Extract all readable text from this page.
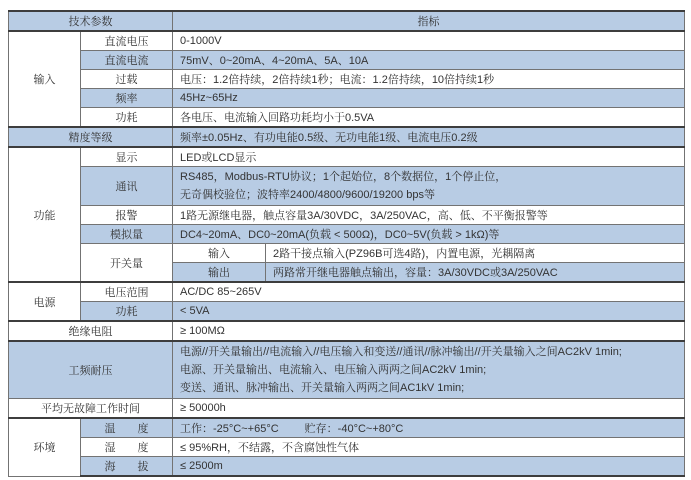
技术参数		指标	
输入	直流电压	0-1000V	
	直流电流	75mV、0~20mA、4~20mA、5A、10A	
	过载	电压：1.2倍持续，2倍持续1秒；电流：1.2倍持续，10倍持续1秒	
	频率	45Hz~65Hz	
	功耗	各电压、电流输入回路功耗均小于0.5VA	
精度等级		频率±0.05Hz、有功电能0.5级、无功电能1级、电流电压0.2级	
功能	显示	LED或LCD显示	
	通讯	RS485，Modbus-RTU协议；1个起始位，8个数据位，1个停止位，
无奇偶校验位；波特率2400/4800/9600/19200 bps等	

	报警	1路无源继电器，触点容量3A/30VDC，3A/250VAC，高、低、不平衡报警等	
	模拟量	DC4~20mA、DC0~20mA(负载 < 500Ω)，DC0~5V(负载 > 1kΩ)等	
	开关量	输入	2路干接点输入(PZ96B可选4路)，内置电源，光耦隔离
		输出	两路常开继电器触点输出，容量：3A/30VDC或3A/250VAC
电源	电压范围	AC/DC 85~265V	
	功耗	< 5VA	
绝缘电阻		≥ 100MΩ	
工频耐压		电源//开关量输出//电流输入//电压输入和变送//通讯//脉冲输出//开关量输入之间AC2kV 1min;
电源、开关量输出、电流输入、电压输入两两之间AC2kV 1min;
变送、通讯、脉冲输出、开关量输入两两之间AC1kV 1min;	

平均无故障工作时间		≥ 50000h	
环境	温　　度	工作：-25°C~+65°C 贮存：-40°C~+80°C	
	湿　　度	≤ 95%RH，不结露，不含腐蚀性气体	
	海　　拔	≤ 2500m	
